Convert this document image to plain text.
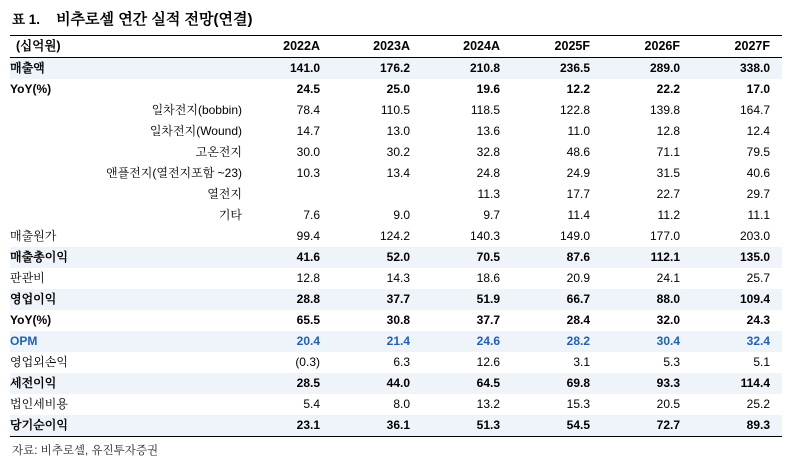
표 1. 비추로셀 연간 실적 전망(연결)
(십억원)	2022A	2023A	2024A	2025F	2026F	2027F
매출액	141.0	176.2	210.8	236.5	289.0	338.0
YoY(%)	24.5	25.0	19.6	12.2	22.2	17.0
일차전지(bobbin)	78.4	110.5	118.5	122.8	139.8	164.7
일차전지(Wound)	14.7	13.0	13.6	11.0	12.8	12.4
고온전지	30.0	30.2	32.8	48.6	71.1	79.5
앤플전지(열전지포함 ~23)	10.3	13.4	24.8	24.9	31.5	40.6
열전지			11.3	17.7	22.7	29.7
기타	7.6	9.0	9.7	11.4	11.2	11.1
매출원가	99.4	124.2	140.3	149.0	177.0	203.0
매출총이익	41.6	52.0	70.5	87.6	112.1	135.0
판관비	12.8	14.3	18.6	20.9	24.1	25.7
영업이익	28.8	37.7	51.9	66.7	88.0	109.4
YoY(%)	65.5	30.8	37.7	28.4	32.0	24.3
OPM	20.4	21.4	24.6	28.2	30.4	32.4
영업외손익	(0.3)	6.3	12.6	3.1	5.3	5.1
세전이익	28.5	44.0	64.5	69.8	93.3	114.4
법인세비용	5.4	8.0	13.2	15.3	20.5	25.2
당기순이익	23.1	36.1	51.3	54.5	72.7	89.3
자료: 비추로셀, 유진투자증권
